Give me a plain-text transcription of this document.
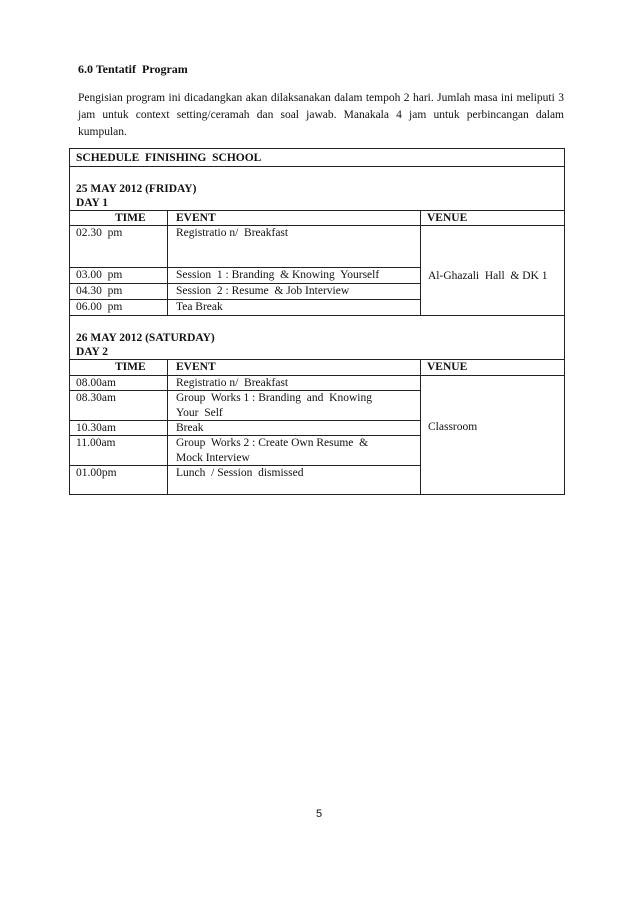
6.0 Tentatif  Program
Pengisian program ini dicadangkan akan dilaksanakan dalam tempoh 2 hari. Jumlah masa ini meliputi 3 jam untuk context setting/ceramah dan soal jawab. Manakala 4 jam untuk perbincangan dalam kumpulan.
SCHEDULE  FINISHING  SCHOOL
25 MAY 2012 (FRIDAY)
DAY 1
TIME	EVENT	VENUE
02.30  pm	Registratio n/  Breakfast
03.00  pm	Session  1 : Branding  & Knowing  Yourself
04.30  pm	Session  2 : Resume  & Job Interview
06.00  pm	Tea Break
Al-Ghazali  Hall  & DK 1
26 MAY 2012 (SATURDAY)
DAY 2
TIME	EVENT	VENUE
08.00am	Registratio n/  Breakfast
08.30am	Group  Works 1 : Branding  and  Knowing
Your  Self
10.30am	Break
11.00am	Group  Works 2 : Create Own Resume  &
Mock Interview
01.00pm	Lunch  / Session  dismissed
Classroom
5
